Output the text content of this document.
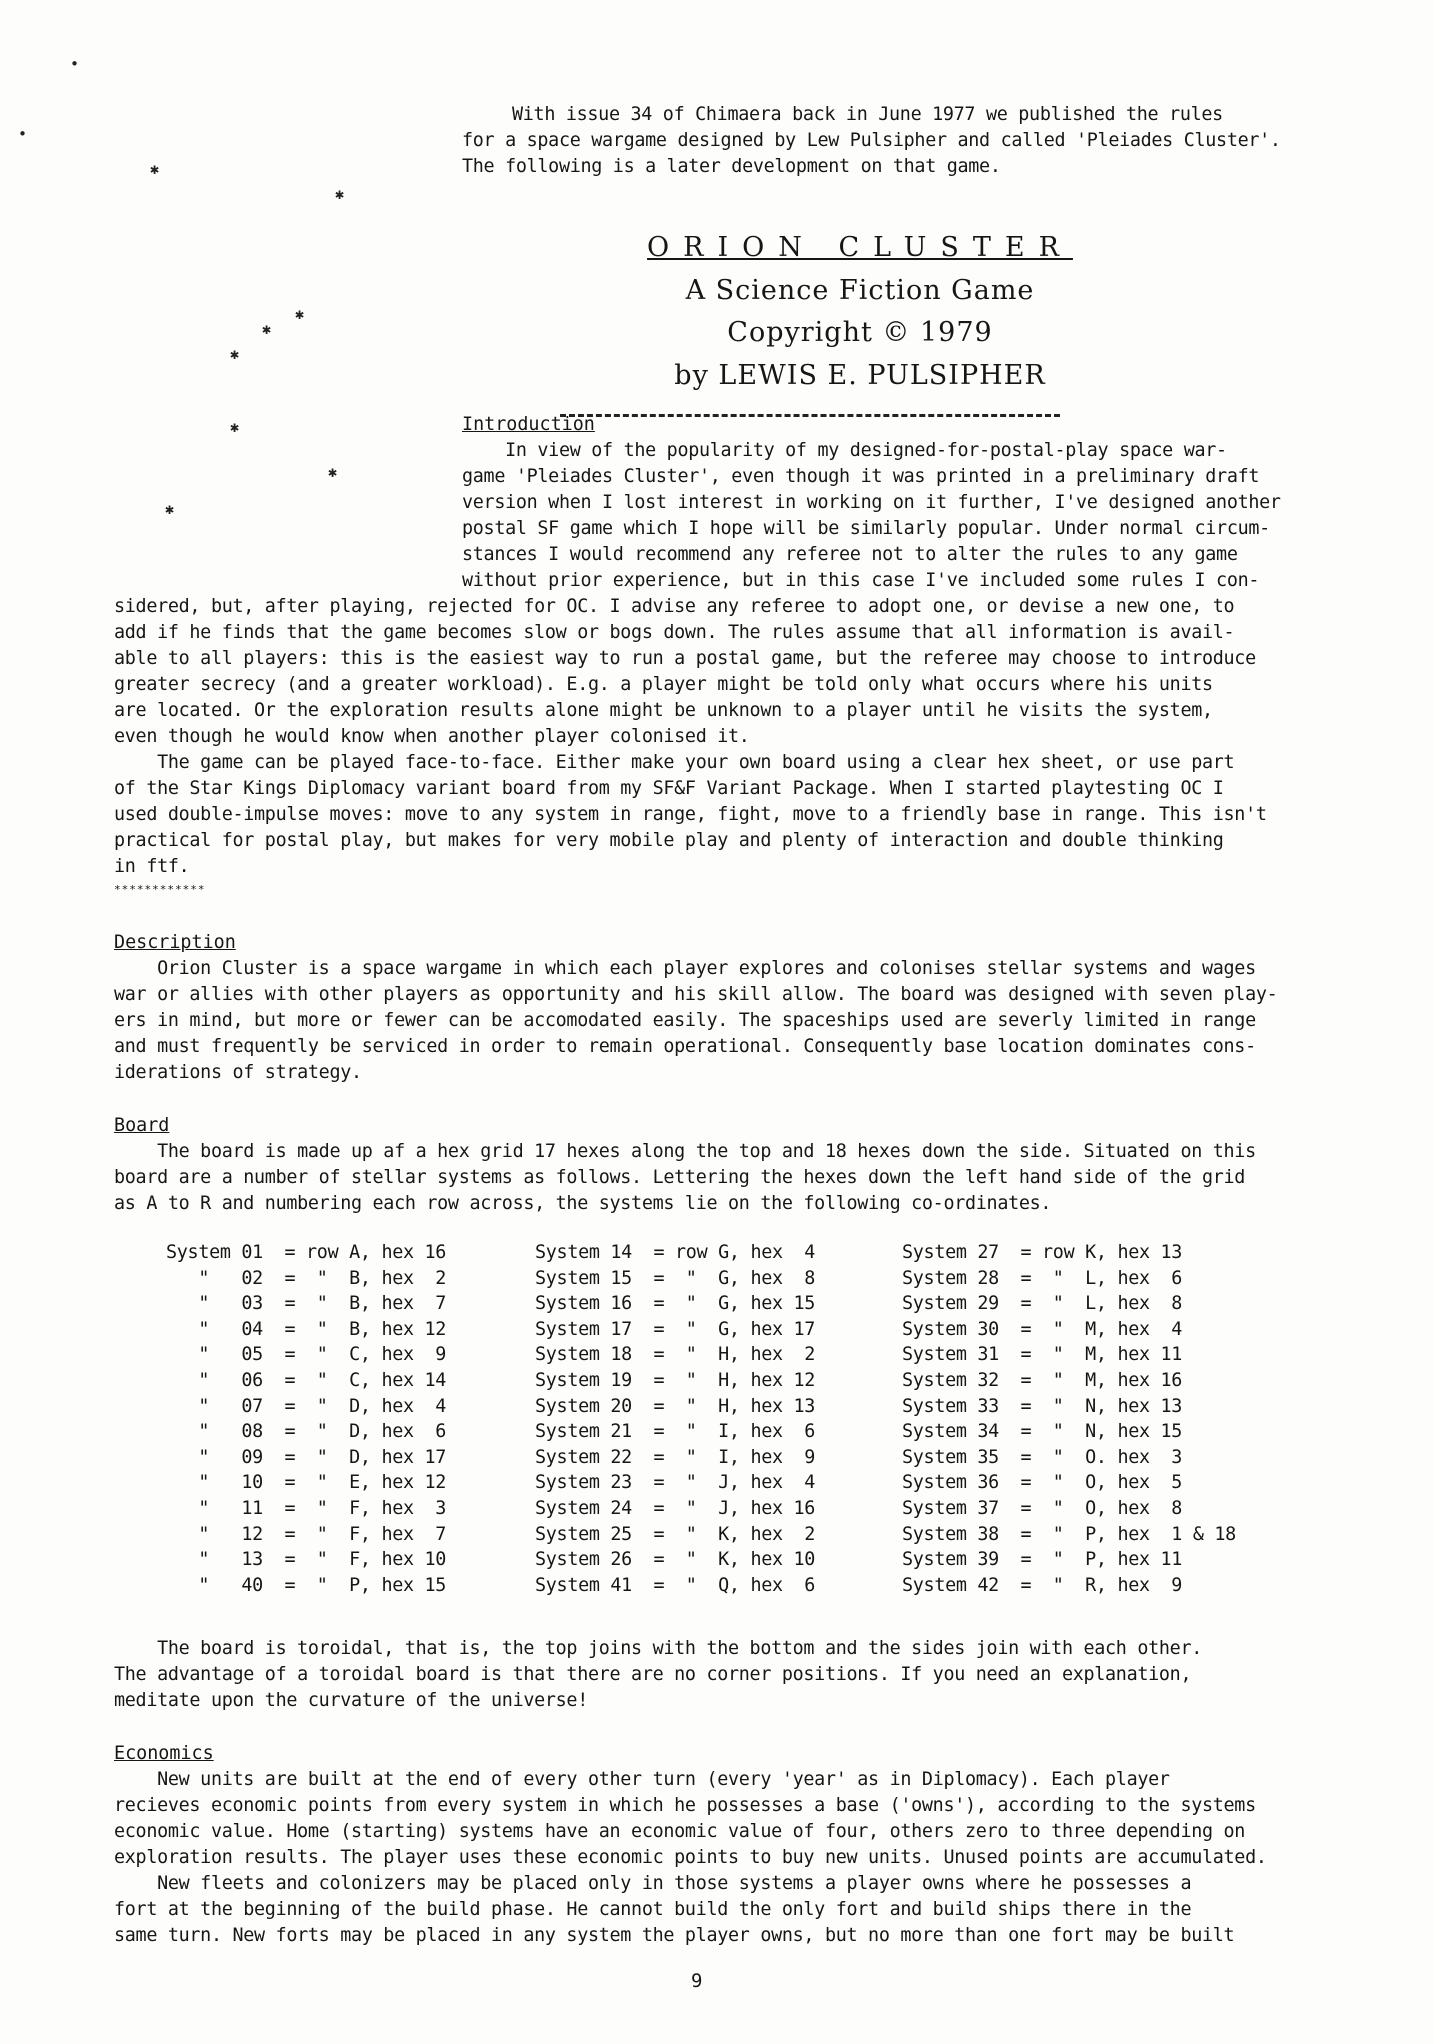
•
•
✱
✱
✱
✱
✱
✱
✱
✱
With issue 34 of Chimaera back in June 1977 we published the rules
for a space wargame designed by Lew Pulsipher and called 'Pleiades Cluster'.
The following is a later development on that game.
ORION CLUSTER
A Science Fiction Game
Copyright © 1979
by LEWIS E. PULSIPHER
Introduction
In view of the popularity of my designed-for-postal-play space war-
game 'Pleiades Cluster', even though it was printed in a preliminary draft
version when I lost interest in working on it further, I've designed another
postal SF game which I hope will be similarly popular. Under normal circum-
stances I would recommend any referee not to alter the rules to any game
without prior experience, but in this case I've included some rules I con-
sidered, but, after playing, rejected for OC. I advise any referee to adopt one, or devise a new one, to
add if he finds that the game becomes slow or bogs down. The rules assume that all information is avail-
able to all players: this is the easiest way to run a postal game, but the referee may choose to introduce
greater secrecy (and a greater workload). E.g. a player might be told only what occurs where his units
are located. Or the exploration results alone might be unknown to a player until he visits the system,
even though he would know when another player colonised it.
The game can be played face-to-face. Either make your own board using a clear hex sheet, or use part
of the Star Kings Diplomacy variant board from my SF&F Variant Package. When I started playtesting OC I
used double-impulse moves: move to any system in range, fight, move to a friendly base in range. This isn't
practical for postal play, but makes for very mobile play and plenty of interaction and double thinking
in ftf.
************
Description
Orion Cluster is a space wargame in which each player explores and colonises stellar systems and wages
war or allies with other players as opportunity and his skill allow. The board was designed with seven play-
ers in mind, but more or fewer can be accomodated easily. The spaceships used are severly limited in range
and must frequently be serviced in order to remain operational. Consequently base location dominates cons-
iderations of strategy.
Board
The board is made up af a hex grid 17 hexes along the top and 18 hexes down the side. Situated on this
board are a number of stellar systems as follows. Lettering the hexes down the left hand side of the grid
as A to R and numbering each row across, the systems lie on the following co-ordinates.
System 01  = row A, hex 16
"   02  =  "  B, hex  2
"   03  =  "  B, hex  7
"   04  =  "  B, hex 12
"   05  =  "  C, hex  9
"   06  =  "  C, hex 14
"   07  =  "  D, hex  4
"   08  =  "  D, hex  6
"   09  =  "  D, hex 17
"   10  =  "  E, hex 12
"   11  =  "  F, hex  3
"   12  =  "  F, hex  7
"   13  =  "  F, hex 10
"   40  =  "  P, hex 15
System 14  = row G, hex  4
System 15  =  "  G, hex  8
System 16  =  "  G, hex 15
System 17  =  "  G, hex 17
System 18  =  "  H, hex  2
System 19  =  "  H, hex 12
System 20  =  "  H, hex 13
System 21  =  "  I, hex  6
System 22  =  "  I, hex  9
System 23  =  "  J, hex  4
System 24  =  "  J, hex 16
System 25  =  "  K, hex  2
System 26  =  "  K, hex 10
System 41  =  "  Q, hex  6
System 27  = row K, hex 13
System 28  =  "  L, hex  6
System 29  =  "  L, hex  8
System 30  =  "  M, hex  4
System 31  =  "  M, hex 11
System 32  =  "  M, hex 16
System 33  =  "  N, hex 13
System 34  =  "  N, hex 15
System 35  =  "  O. hex  3
System 36  =  "  O, hex  5
System 37  =  "  O, hex  8
System 38  =  "  P, hex  1 & 18
System 39  =  "  P, hex 11
System 42  =  "  R, hex  9
The board is toroidal, that is, the top joins with the bottom and the sides join with each other.
The advantage of a toroidal board is that there are no corner positions. If you need an explanation,
meditate upon the curvature of the universe!
Economics
New units are built at the end of every other turn (every 'year' as in Diplomacy). Each player
recieves economic points from every system in which he possesses a base ('owns'), according to the systems
economic value. Home (starting) systems have an economic value of four, others zero to three depending on
exploration results. The player uses these economic points to buy new units. Unused points are accumulated.
New fleets and colonizers may be placed only in those systems a player owns where he possesses a
fort at the beginning of the build phase. He cannot build the only fort and build ships there in the
same turn. New forts may be placed in any system the player owns, but no more than one fort may be built
9
